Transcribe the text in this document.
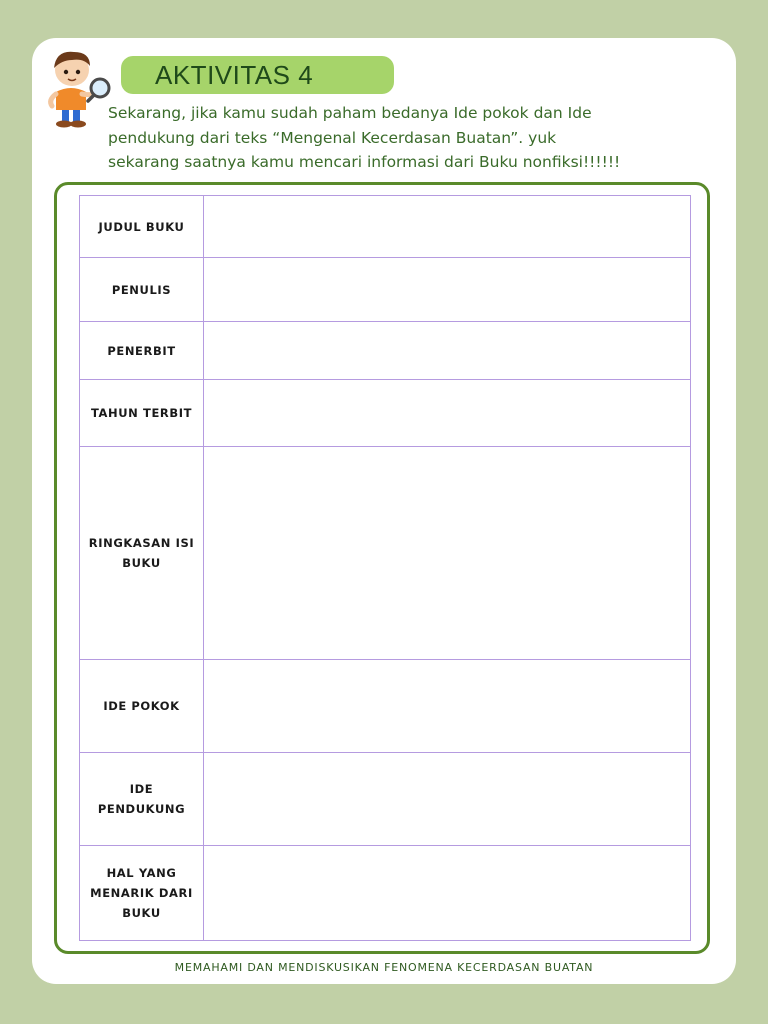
AKTIVITAS 4
Sekarang, jika kamu sudah paham bedanya Ide pokok dan Ide
pendukung dari teks “Mengenal Kecerdasan Buatan”. yuk
sekarang saatnya kamu mencari informasi dari Buku nonfiksi!!!!!!
JUDUL BUKU	
PENULIS	
PENERBIT	
TAHUN TERBIT	
RINGKASAN ISI BUKU	
IDE POKOK	
IDE PENDUKUNG	
HAL YANG MENARIK DARI BUKU	
MEMAHAMI DAN MENDISKUSIKAN FENOMENA KECERDASAN BUATAN
